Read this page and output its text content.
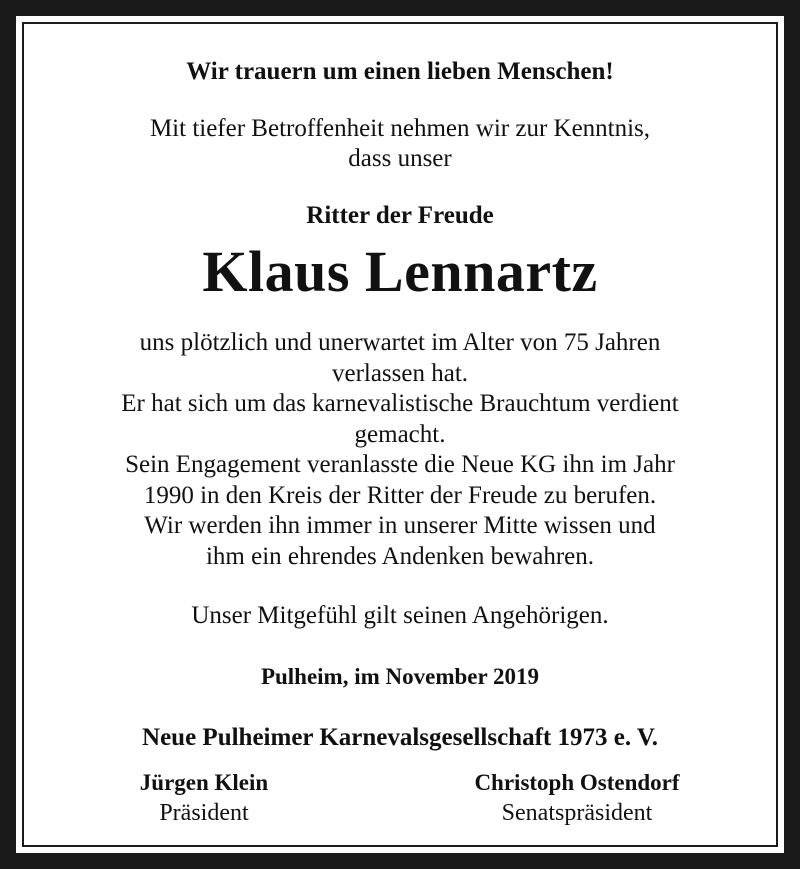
Wir trauern um einen lieben Menschen!
Mit tiefer Betroffenheit nehmen wir zur Kenntnis,
dass unser
Ritter der Freude
Klaus Lennartz
uns plötzlich und unerwartet im Alter von 75 Jahren
verlassen hat.
Er hat sich um das karnevalistische Brauchtum verdient
gemacht.
Sein Engagement veranlasste die Neue KG ihn im Jahr
1990 in den Kreis der Ritter der Freude zu berufen.
Wir werden ihn immer in unserer Mitte wissen und
ihm ein ehrendes Andenken bewahren.
Unser Mitgefühl gilt seinen Angehörigen.
Pulheim, im November 2019
Neue Pulheimer Karnevalsgesellschaft 1973 e. V.
Jürgen Klein
Präsident
Christoph Ostendorf
Senatspräsident
